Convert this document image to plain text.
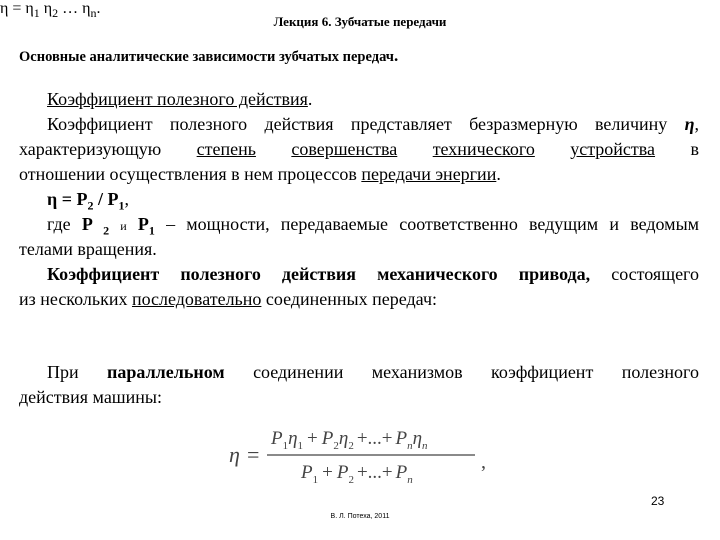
Лекция 6. Зубчатые передачи
Основные аналитические зависимости зубчатых передач.

Коэффициент полезного действия.

Коэффициент полезного действия представляет безразмерную величину η,

характеризующую степень совершенства технического устройства в

отношении осуществления в нем процессов передачи энергии.

$\eta = P_2 / P_1$,

где P $_2$ и $P_1$ – мощности, передаваемые соответственно ведущим и ведомым

телами вращения.

Коэффициент полезного действия механического привода, состоящего

из нескольких последовательно соединенных передач:

При параллельном соединении механизмов коэффициент полезного

действия машины:

$\eta = \eta_1$ $\eta_2$ … $\eta_n$.
η =
$P_1\eta_1 + P_2\eta_2$ +...+ $P_n\eta_n$
$P_1 + P_2$ +...+ $P_n$
,
23
В. Л. Потеха, 2011
